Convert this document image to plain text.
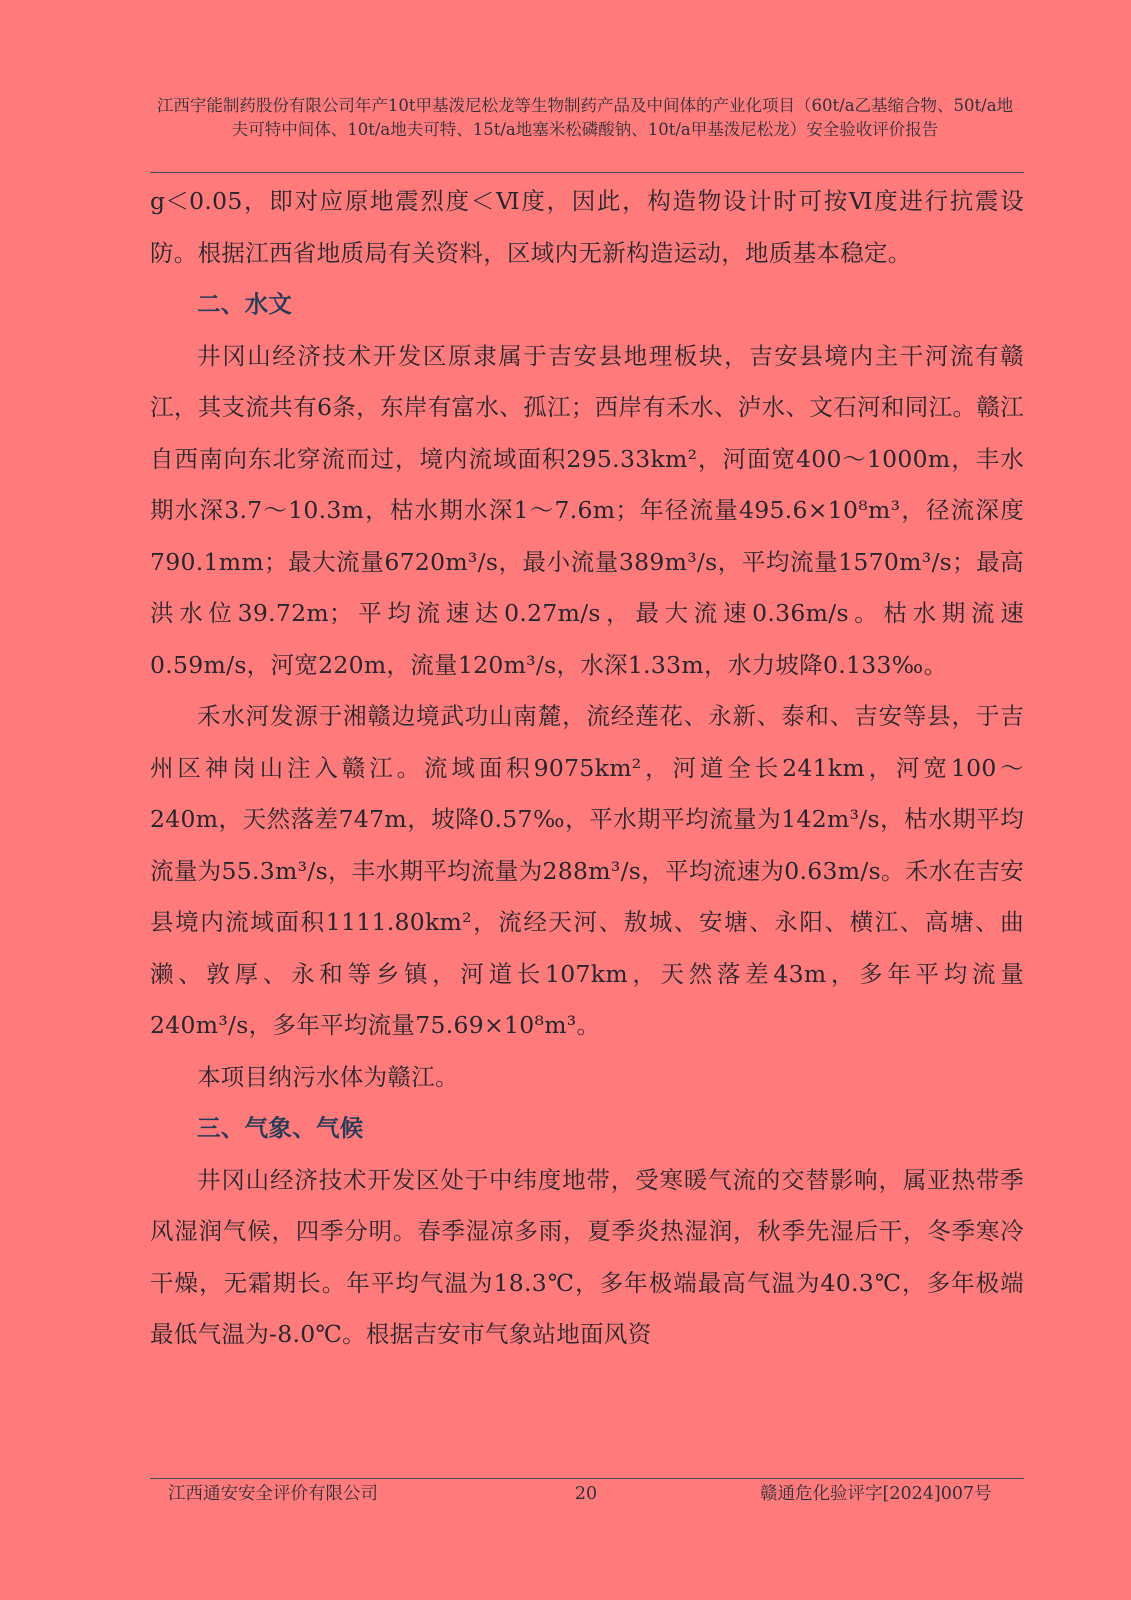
江西宇能制药股份有限公司年产10t甲基泼尼松龙等生物制药产品及中间体的产业化项目（60t/a乙基缩合物、50t/a地夫可特中间体、10t/a地夫可特、15t/a地塞米松磷酸钠、10t/a甲基泼尼松龙）安全验收评价报告

g＜0.05，即对应原地震烈度＜Ⅵ度，因此，构造物设计时可按Ⅵ度进行抗震设防。根据江西省地质局有关资料，区域内无新构造运动，地质基本稳定。

二、水文

井冈山经济技术开发区原隶属于吉安县地理板块，吉安县境内主干河流有赣江，其支流共有6条，东岸有富水、孤江；西岸有禾水、泸水、文石河和同江。赣江自西南向东北穿流而过，境内流域面积295.33km²，河面宽400～1000m，丰水期水深3.7～10.3m，枯水期水深1～7.6m；年径流量495.6×10⁸m³，径流深度790.1mm；最大流量6720m³/s，最小流量389m³/s，平均流量1570m³/s；最高洪水位39.72m；平均流速达0.27m/s，最大流速0.36m/s。枯水期流速0.59m/s，河宽220m，流量120m³/s，水深1.33m，水力坡降0.133‰。

禾水河发源于湘赣边境武功山南麓，流经莲花、永新、泰和、吉安等县，于吉州区神岗山注入赣江。流域面积9075km²，河道全长241km，河宽100～240m，天然落差747m，坡降0.57‰，平水期平均流量为142m³/s，枯水期平均流量为55.3m³/s，丰水期平均流量为288m³/s，平均流速为0.63m/s。禾水在吉安县境内流域面积1111.80km²，流经天河、敖城、安塘、永阳、横江、高塘、曲濑、敦厚、永和等乡镇，河道长107km，天然落差43m，多年平均流量240m³/s，多年平均流量75.69×10⁸m³。

本项目纳污水体为赣江。

三、气象、气候

井冈山经济技术开发区处于中纬度地带，受寒暖气流的交替影响，属亚热带季风湿润气候，四季分明。春季湿凉多雨，夏季炎热湿润，秋季先湿后干，冬季寒冷干燥，无霜期长。年平均气温为18.3℃，多年极端最高气温为40.3℃，多年极端最低气温为-8.0℃。根据吉安市气象站地面风资

江西通安安全评价有限公司	20	赣通危化验评字[2024]007号
